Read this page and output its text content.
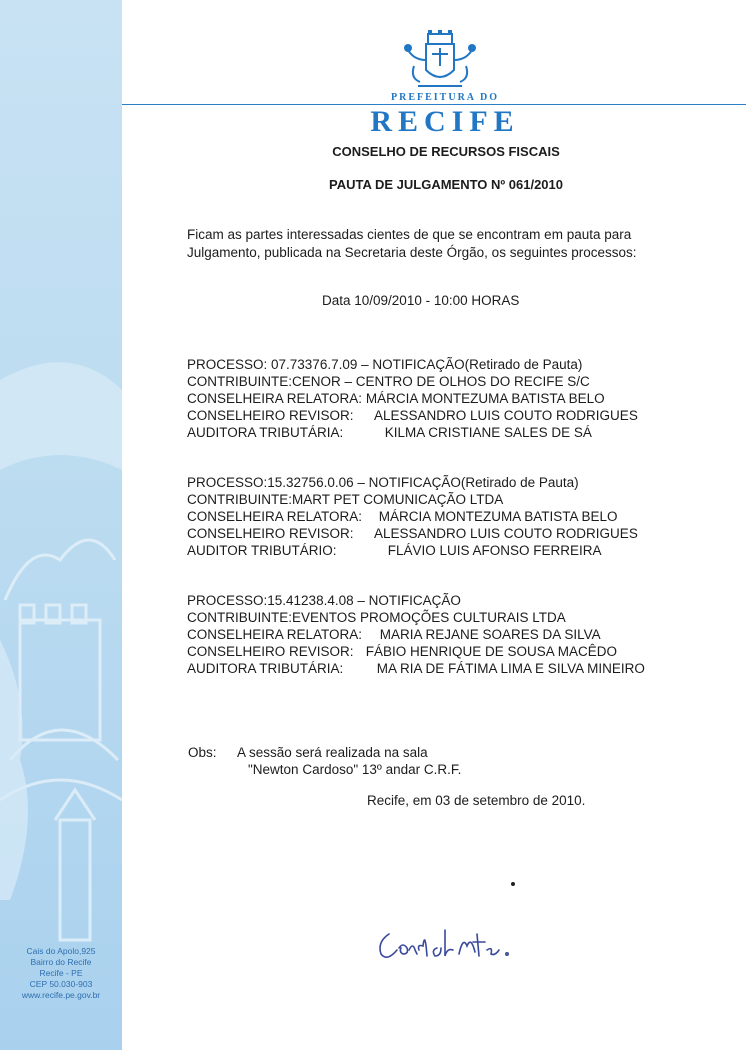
Cais do Apolo,925
Bairro do Recife
Recife - PE
CEP 50.030-903
www.recife.pe.gov.br
PREFEITURA DO
RECIFE
CONSELHO DE RECURSOS FISCAIS
PAUTA DE JULGAMENTO Nº 061/2010
Ficam as partes interessadas cientes de que se encontram em pauta para
Julgamento, publicada na Secretaria deste Órgão, os seguintes processos:
Data 10/09/2010 - 10:00 HORAS
PROCESSO: 07.73376.7.09 – NOTIFICAÇÃO(Retirado de Pauta)
CONTRIBUINTE:CENOR – CENTRO DE OLHOS DO RECIFE S/C
CONSELHEIRA RELATORA: MÁRCIA MONTEZUMA BATISTA BELO
CONSELHEIRO REVISOR: ALESSANDRO LUIS COUTO RODRIGUES
AUDITORA TRIBUTÁRIA:	KILMA CRISTIANE SALES DE SÁ
PROCESSO:15.32756.0.06 – NOTIFICAÇÃO(Retirado de Pauta)
CONTRIBUINTE:MART PET COMUNICAÇÃO LTDA
CONSELHEIRA RELATORA: MÁRCIA MONTEZUMA BATISTA BELO
CONSELHEIRO REVISOR: ALESSANDRO LUIS COUTO RODRIGUES
AUDITOR TRIBUTÁRIO:	FLÁVIO LUIS AFONSO FERREIRA
PROCESSO:15.41238.4.08 – NOTIFICAÇÃO
CONTRIBUINTE:EVENTOS PROMOÇÕES CULTURAIS LTDA
CONSELHEIRA RELATORA: MARIA REJANE SOARES DA SILVA
CONSELHEIRO REVISOR: FÁBIO HENRIQUE DE SOUSA MACÊDO
AUDITORA TRIBUTÁRIA: MA RIA DE FÁTIMA LIMA E SILVA MINEIRO
Obs: A sessão será realizada na sala
"Newton Cardoso" 13º andar C.R.F.
Recife, em 03 de setembro de 2010.
